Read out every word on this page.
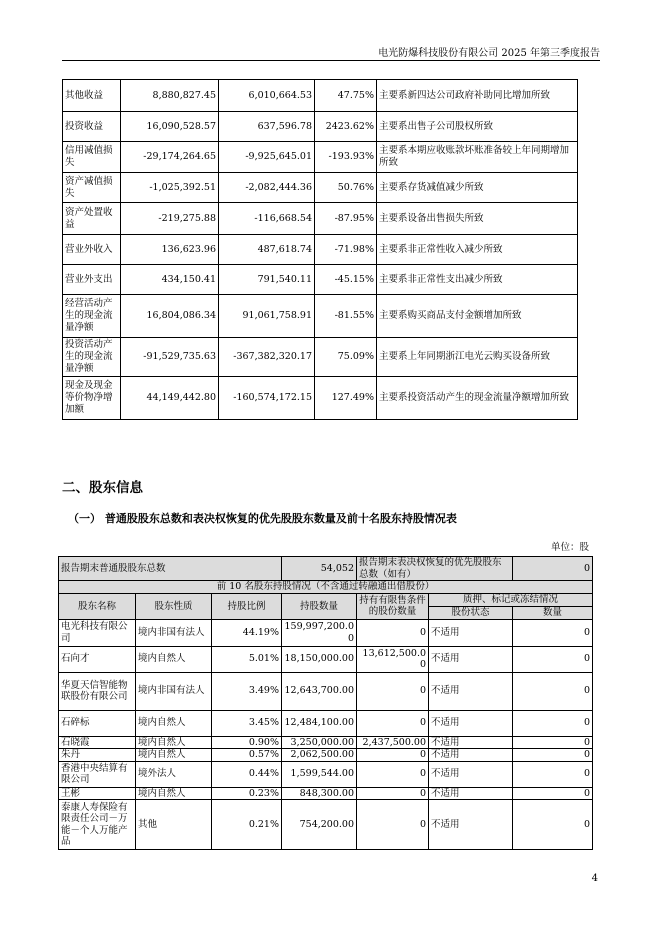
电光防爆科技股份有限公司 2025 年第三季度报告
其他收益	8,880,827.45	6,010,664.53	47.75%	主要系新四达公司政府补助同比增加所致
投资收益	16,090,528.57	637,596.78	2423.62%	主要系出售子公司股权所致
信用减值损失	-29,174,264.65	-9,925,645.01	-193.93%	主要系本期应收账款坏账准备较上年同期增加所致
资产减值损失	-1,025,392.51	-2,082,444.36	50.76%	主要系存货减值减少所致
资产处置收益	-219,275.88	-116,668.54	-87.95%	主要系设备出售损失所致
营业外收入	136,623.96	487,618.74	-71.98%	主要系非正常性收入减少所致
营业外支出	434,150.41	791,540.11	-45.15%	主要系非正常性支出减少所致
经营活动产生的现金流量净额	16,804,086.34	91,061,758.91	-81.55%	主要系购买商品支付金额增加所致
投资活动产生的现金流量净额	-91,529,735.63	-367,382,320.17	75.09%	主要系上年同期浙江电光云购买设备所致
现金及现金等价物净增加额	44,149,442.80	-160,574,172.15	127.49%	主要系投资活动产生的现金流量净额增加所致
二、股东信息
（一） 普通股股东总数和表决权恢复的优先股股东数量及前十名股东持股情况表
单位：股
报告期末普通股股东总数			54,052	报告期末表决权恢复的优先股股东总数（如有）		0
前 10 名股东持股情况（不含通过转融通出借股份）						
股东名称	股东性质	持股比例	持股数量	持有有限售条件的股份数量	质押、标记或冻结情况	
					股份状态	数量
电光科技有限公司	境内非国有法人	44.19%	159,997,200.00	0	不适用	0
石向才	境内自然人	5.01%	18,150,000.00	13,612,500.00	不适用	0
华夏天信智能物联股份有限公司	境内非国有法人	3.49%	12,643,700.00	0	不适用	0
石碎标	境内自然人	3.45%	12,484,100.00	0	不适用	0
石晓霞	境内自然人	0.90%	3,250,000.00	2,437,500.00	不适用	0
朱丹	境内自然人	0.57%	2,062,500.00	0	不适用	0
香港中央结算有限公司	境外法人	0.44%	1,599,544.00	0	不适用	0
王彬	境内自然人	0.23%	848,300.00	0	不适用	0
泰康人寿保险有限责任公司－万能－个人万能产品	其他	0.21%	754,200.00	0	不适用	0
4
